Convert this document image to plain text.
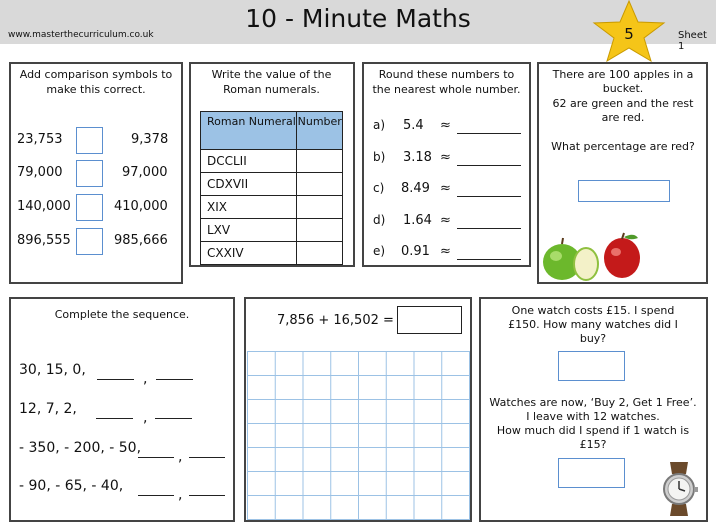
10 - Minute Maths
www.masterthecurriculum.co.uk	Sheet 1
5
Add comparison symbols to make this correct.
23,753	9,378
79,000	97,000
140,000	410,000
896,555	985,666
Write the value of the Roman numerals.
Roman Numeral	Number
DCCLII	
CDXVII	
XIX	
LXV	
CXXIV	
Round these numbers to the nearest whole number.
a) 5.4 ≈
b) 3.18 ≈
c) 8.49 ≈
d) 1.64 ≈
e) 0.91 ≈
There are 100 apples in a bucket.
62 are green and the rest are red.
What percentage are red?
Complete the sequence.
30, 15, 0,
,
12, 7, 2,
,
- 350, - 200, - 50,
,
- 90, - 65, - 40,
,
7,856 + 16,502 =
One watch costs £15. I spend £150. How many watches did I buy?
Watches are now, ‘Buy 2, Get 1 Free’.
I leave with 12 watches.
How much did I spend if 1 watch is £15?
